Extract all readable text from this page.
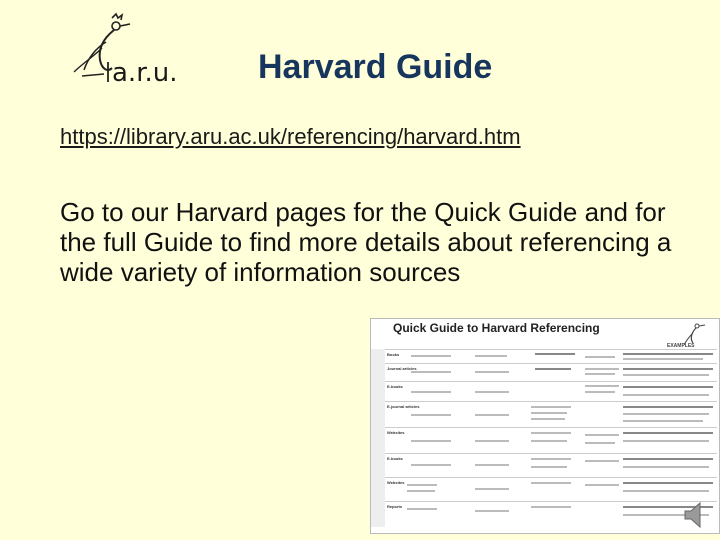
a.r.u. Harvard Guide
https://library.aru.ac.uk/referencing/harvard.htm
Go to our Harvard pages for the Quick Guide and for the full Guide to find more details about referencing a wide variety of information sources
Quick Guide to Harvard Referencing
EXAMPLES
Books
Journal articles
E-books
E-journal articles
Websites
E-books
Websites
Reports
